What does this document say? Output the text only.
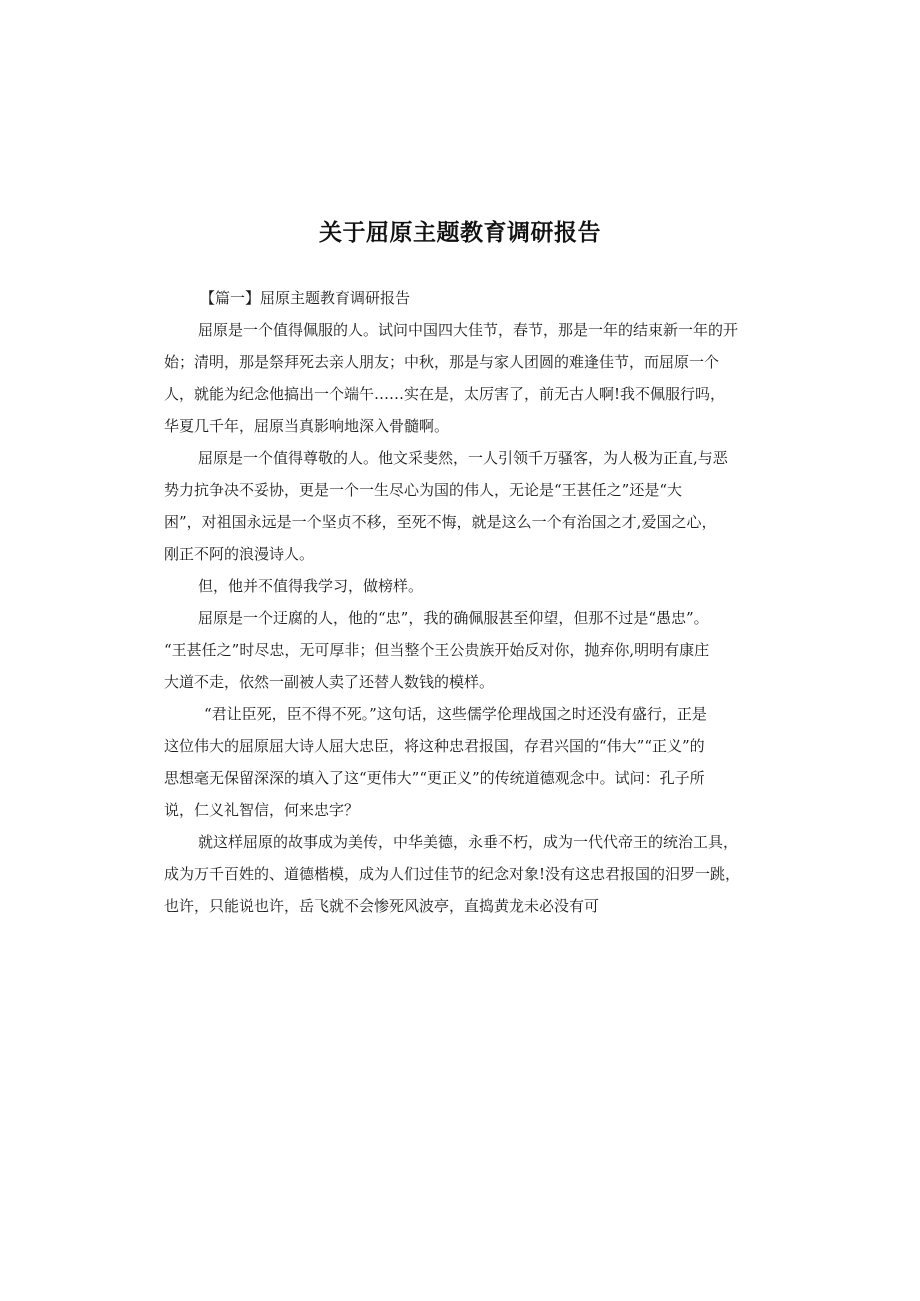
关于屈原主题教育调研报告
【篇一】屈原主题教育调研报告
屈原是一个值得佩服的人。试问中国四大佳节，春节，那是一年的结束新一年的开
始；清明，那是祭拜死去亲人朋友；中秋，那是与家人团圆的难逢佳节，而屈原一个
人，就能为纪念他搞出一个端午……实在是，太厉害了，前无古人啊!我不佩服行吗，
华夏几千年，屈原当真影响地深入骨髓啊。
屈原是一个值得尊敬的人。他文采斐然，一人引领千万骚客，为人极为正直,与恶
势力抗争决不妥协，更是一个一生尽心为国的伟人，无论是“王甚任之”还是“大
困”，对祖国永远是一个坚贞不移，至死不悔，就是这么一个有治国之才,爱国之心，
刚正不阿的浪漫诗人。
但，他并不值得我学习，做榜样。
屈原是一个迂腐的人，他的“忠”，我的确佩服甚至仰望，但那不过是“愚忠”。
“王甚任之”时尽忠，无可厚非；但当整个王公贵族开始反对你，抛弃你,明明有康庄
大道不走，依然一副被人卖了还替人数钱的模样。
“君让臣死，臣不得不死。”这句话，这些儒学伦理战国之时还没有盛行，正是
这位伟大的屈原屈大诗人屈大忠臣，将这种忠君报国，存君兴国的“伟大”“正义”的
思想毫无保留深深的填入了这“更伟大”“更正义”的传统道德观念中。试问：孔子所
说，仁义礼智信，何来忠字？
就这样屈原的故事成为美传，中华美德，永垂不朽，成为一代代帝王的统治工具，
成为万千百姓的、道德楷模，成为人们过佳节的纪念对象!没有这忠君报国的汨罗一跳，
也许，只能说也许，岳飞就不会惨死风波亭，直捣黄龙未必没有可
